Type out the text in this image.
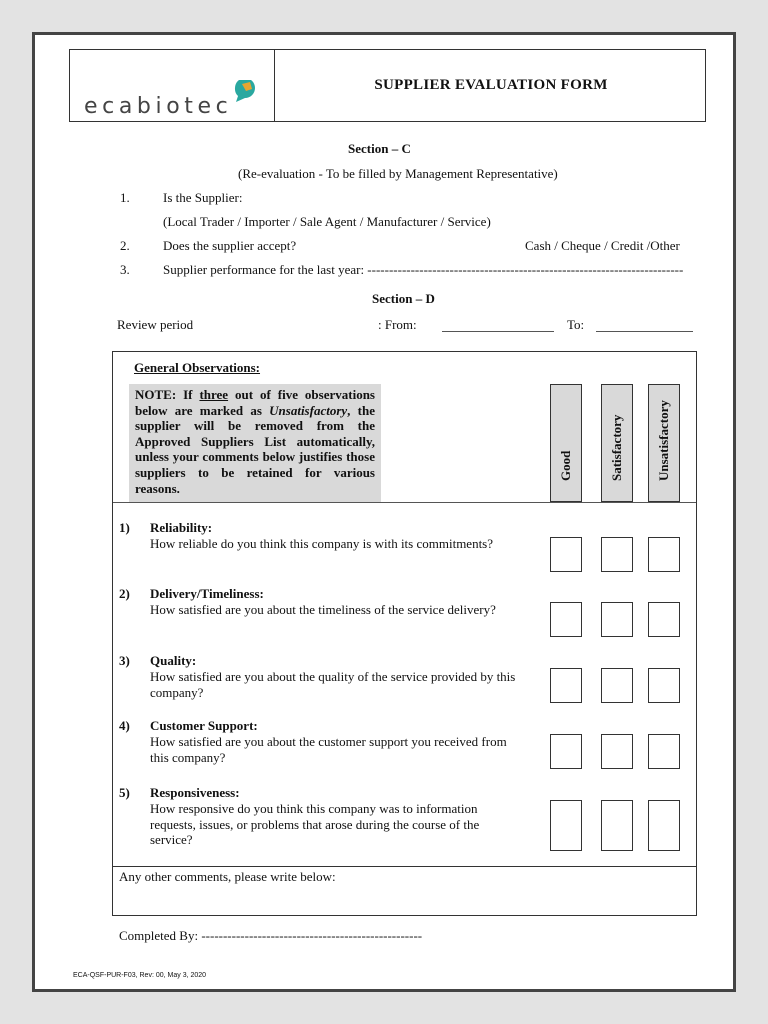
ecabiotec
SUPPLIER EVALUATION FORM
Section – C
(Re-evaluation - To be filled by Management Representative)
1.	Is the Supplier:
(Local Trader / Importer / Sale Agent / Manufacturer / Service)
2.	Does the supplier accept?	Cash / Cheque / Credit /Other
3.	Supplier performance for the last year: -------------------------------------------------------------------------
Section – D
Review period	: From:	To:
General Observations:
NOTE: If three out of five observations below are marked as Unsatisfactory, the supplier will be removed from the Approved Suppliers List automatically, unless your comments below justifies those suppliers to be retained for various reasons.
Good	Satisfactory Unsatisfactory
1) Reliability:
How reliable do you think this company is with its commitments?
2) Delivery/Timeliness:
How satisfied are you about the timeliness of the service delivery?
3) Quality:
How satisfied are you about the quality of the service provided by this company?
4) Customer Support:
How satisfied are you about the customer support you received from this company?
5) Responsiveness:
How responsive do you think this company was to information requests, issues, or problems that arose during the course of the service?
Any other comments, please write below:
Completed By: ---------------------------------------------------
ECA-QSF-PUR-F03, Rev: 00, May 3, 2020
